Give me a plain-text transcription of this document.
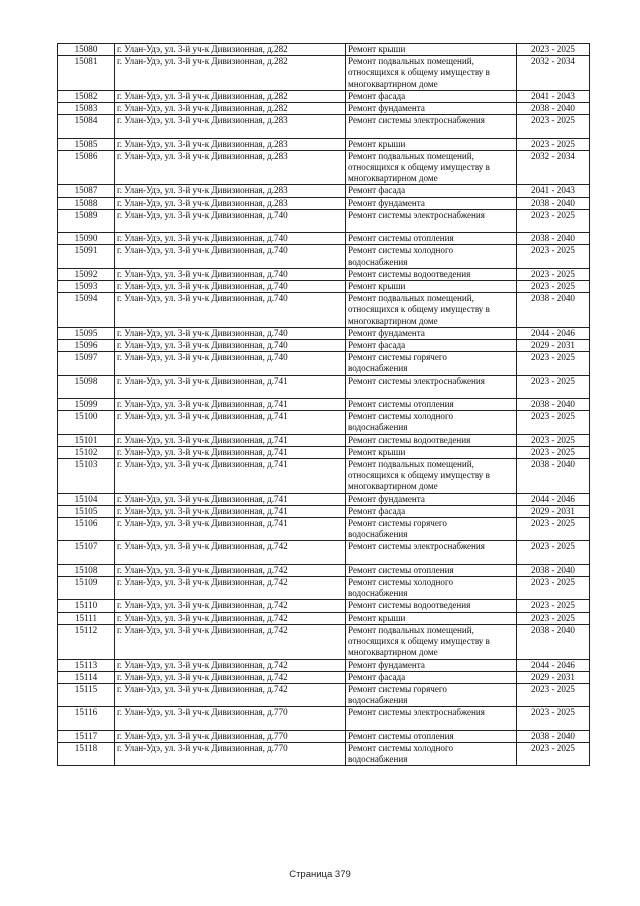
15080	г. Улан-Удэ, ул. 3-й уч-к Дивизионная, д.282	Ремонт крыши	2023 - 2025
15081	г. Улан-Удэ, ул. 3-й уч-к Дивизионная, д.282	Ремонт подвальных помещений,
относящихся к общему имуществу в
многоквартирном доме	2032 - 2034
15082	г. Улан-Удэ, ул. 3-й уч-к Дивизионная, д.282	Ремонт фасада	2041 - 2043
15083	г. Улан-Удэ, ул. 3-й уч-к Дивизионная, д.282	Ремонт фундамента	2038 - 2040
15084	г. Улан-Удэ, ул. 3-й уч-к Дивизионная, д.283	Ремонт системы электроснабжения	2023 - 2025
15085	г. Улан-Удэ, ул. 3-й уч-к Дивизионная, д.283	Ремонт крыши	2023 - 2025
15086	г. Улан-Удэ, ул. 3-й уч-к Дивизионная, д.283	Ремонт подвальных помещений,
относящихся к общему имуществу в
многоквартирном доме	2032 - 2034
15087	г. Улан-Удэ, ул. 3-й уч-к Дивизионная, д.283	Ремонт фасада	2041 - 2043
15088	г. Улан-Удэ, ул. 3-й уч-к Дивизионная, д.283	Ремонт фундамента	2038 - 2040
15089	г. Улан-Удэ, ул. 3-й уч-к Дивизионная, д.740	Ремонт системы электроснабжения	2023 - 2025
15090	г. Улан-Удэ, ул. 3-й уч-к Дивизионная, д.740	Ремонт системы отопления	2038 - 2040
15091	г. Улан-Удэ, ул. 3-й уч-к Дивизионная, д.740	Ремонт системы холодного
водоснабжения	2023 - 2025
15092	г. Улан-Удэ, ул. 3-й уч-к Дивизионная, д.740	Ремонт системы водоотведения	2023 - 2025
15093	г. Улан-Удэ, ул. 3-й уч-к Дивизионная, д.740	Ремонт крыши	2023 - 2025
15094	г. Улан-Удэ, ул. 3-й уч-к Дивизионная, д.740	Ремонт подвальных помещений,
относящихся к общему имуществу в
многоквартирном доме	2038 - 2040
15095	г. Улан-Удэ, ул. 3-й уч-к Дивизионная, д.740	Ремонт фундамента	2044 - 2046
15096	г. Улан-Удэ, ул. 3-й уч-к Дивизионная, д.740	Ремонт фасада	2029 - 2031
15097	г. Улан-Удэ, ул. 3-й уч-к Дивизионная, д.740	Ремонт системы горячего
водоснабжения	2023 - 2025
15098	г. Улан-Удэ, ул. 3-й уч-к Дивизионная, д.741	Ремонт системы электроснабжения	2023 - 2025
15099	г. Улан-Удэ, ул. 3-й уч-к Дивизионная, д.741	Ремонт системы отопления	2038 - 2040
15100	г. Улан-Удэ, ул. 3-й уч-к Дивизионная, д.741	Ремонт системы холодного
водоснабжения	2023 - 2025
15101	г. Улан-Удэ, ул. 3-й уч-к Дивизионная, д.741	Ремонт системы водоотведения	2023 - 2025
15102	г. Улан-Удэ, ул. 3-й уч-к Дивизионная, д.741	Ремонт крыши	2023 - 2025
15103	г. Улан-Удэ, ул. 3-й уч-к Дивизионная, д.741	Ремонт подвальных помещений,
относящихся к общему имуществу в
многоквартирном доме	2038 - 2040
15104	г. Улан-Удэ, ул. 3-й уч-к Дивизионная, д.741	Ремонт фундамента	2044 - 2046
15105	г. Улан-Удэ, ул. 3-й уч-к Дивизионная, д.741	Ремонт фасада	2029 - 2031
15106	г. Улан-Удэ, ул. 3-й уч-к Дивизионная, д.741	Ремонт системы горячего
водоснабжения	2023 - 2025
15107	г. Улан-Удэ, ул. 3-й уч-к Дивизионная, д.742	Ремонт системы электроснабжения	2023 - 2025
15108	г. Улан-Удэ, ул. 3-й уч-к Дивизионная, д.742	Ремонт системы отопления	2038 - 2040
15109	г. Улан-Удэ, ул. 3-й уч-к Дивизионная, д.742	Ремонт системы холодного
водоснабжения	2023 - 2025
15110	г. Улан-Удэ, ул. 3-й уч-к Дивизионная, д.742	Ремонт системы водоотведения	2023 - 2025
15111	г. Улан-Удэ, ул. 3-й уч-к Дивизионная, д.742	Ремонт крыши	2023 - 2025
15112	г. Улан-Удэ, ул. 3-й уч-к Дивизионная, д.742	Ремонт подвальных помещений,
относящихся к общему имуществу в
многоквартирном доме	2038 - 2040
15113	г. Улан-Удэ, ул. 3-й уч-к Дивизионная, д.742	Ремонт фундамента	2044 - 2046
15114	г. Улан-Удэ, ул. 3-й уч-к Дивизионная, д.742	Ремонт фасада	2029 - 2031
15115	г. Улан-Удэ, ул. 3-й уч-к Дивизионная, д.742	Ремонт системы горячего
водоснабжения	2023 - 2025
15116	г. Улан-Удэ, ул. 3-й уч-к Дивизионная, д.770	Ремонт системы электроснабжения	2023 - 2025
15117	г. Улан-Удэ, ул. 3-й уч-к Дивизионная, д.770	Ремонт системы отопления	2038 - 2040
15118	г. Улан-Удэ, ул. 3-й уч-к Дивизионная, д.770	Ремонт системы холодного
водоснабжения	2023 - 2025
Страница 379
